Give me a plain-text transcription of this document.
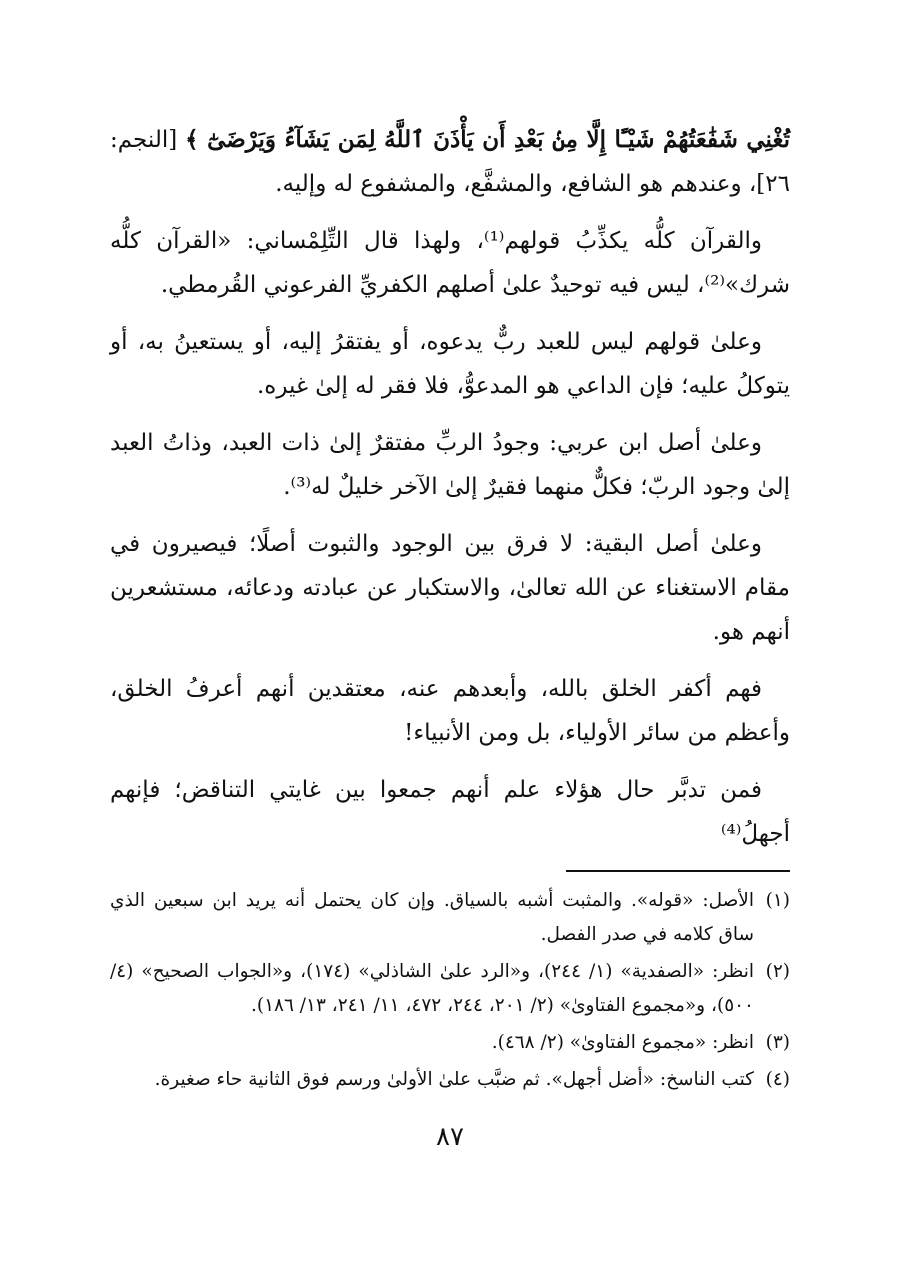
تُغْنِي شَفَٰعَتُهُمْ شَيْـًٔا إِلَّا مِنۢ بَعْدِ أَن يَأْذَنَ ٱللَّهُ لِمَن يَشَآءُ وَيَرْضَىٰٓ ﴾ [النجم: ٢٦]، وعندهم هو الشافع، والمشفَّع، والمشفوع له وإليه.

والقرآن كلُّه يكذِّبُ قولهم⁽¹⁾، ولهذا قال التِّلِمْساني: «القرآن كلُّه شرك»⁽²⁾، ليس فيه توحيدٌ علىٰ أصلهم الكفريِّ الفرعوني القُرمطي.

وعلىٰ قولهم ليس للعبد ربٌّ يدعوه، أو يفتقرُ إليه، أو يستعينُ به، أو يتوكلُ عليه؛ فإن الداعي هو المدعوُّ، فلا فقر له إلىٰ غيره.

وعلىٰ أصل ابن عربي: وجودُ الربِّ مفتقرٌ إلىٰ ذات العبد، وذاتُ العبد إلىٰ وجود الربّ؛ فكلٌّ منهما فقيرٌ إلىٰ الآخر خليلٌ له⁽³⁾.

وعلىٰ أصل البقية: لا فرق بين الوجود والثبوت أصلًا؛ فيصيرون في مقام الاستغناء عن الله تعالىٰ، والاستكبار عن عبادته ودعائه، مستشعرين أنهم هو.

فهم أكفر الخلق بالله، وأبعدهم عنه، معتقدين أنهم أعرفُ الخلق، وأعظم من سائر الأولياء، بل ومن الأنبياء!

فمن تدبَّر حال هؤلاء علم أنهم جمعوا بين غايتي التناقض؛ فإنهم أجهلُ⁽⁴⁾

(١)
الأصل: «قوله». والمثبت أشبه بالسياق. وإن كان يحتمل أنه يريد ابن سبعين الذي ساق كلامه في صدر الفصل.
(٢)
انظر: «الصفدية» (١/ ٢٤٤)، و«الرد علىٰ الشاذلي» (١٧٤)، و«الجواب الصحيح» (٤/ ٥٠٠)، و«مجموع الفتاوىٰ» (٢/ ٢٠١، ٢٤٤، ٤٧٢، ١١/ ٢٤١، ١٣/ ١٨٦).
(٣)
انظر: «مجموع الفتاوىٰ» (٢/ ٤٦٨).
(٤)
كتب الناسخ: «أضل أجهل». ثم ضبَّب علىٰ الأولىٰ ورسم فوق الثانية حاء صغيرة.
٨٧
